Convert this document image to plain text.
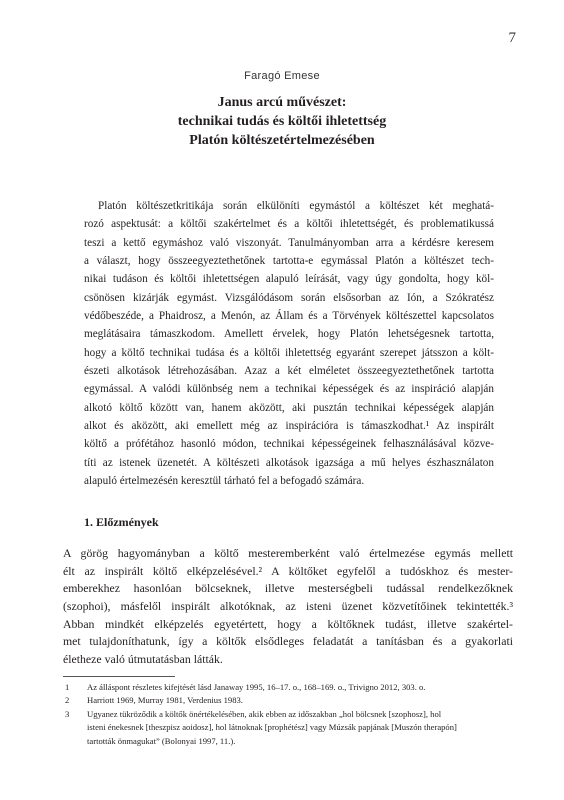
7
Faragó Emese
Janus arcú művészet:
technikai tudás és költői ihletettség
Platón költészetértelmezésében
Platón költészetkritikája során elkülöníti egymástól a költészet két meghatá-
rozó aspektusát: a költői szakértelmet és a költői ihletettségét, és problematikussá
teszi a kettő egymáshoz való viszonyát. Tanulmányomban arra a kérdésre keresem
a választ, hogy összeegyeztethetőnek tartotta-e egymással Platón a költészet tech-
nikai tudáson és költői ihletettségen alapuló leírását, vagy úgy gondolta, hogy köl-
csönösen kizárják egymást. Vizsgálódásom során elsősorban az Ión, a Szókratész
védőbeszéde, a Phaidrosz, a Menón, az Állam és a Törvények költészettel kapcsolatos
meglátásaira támaszkodom. Amellett érvelek, hogy Platón lehetségesnek tartotta,
hogy a költő technikai tudása és a költői ihletettség egyaránt szerepet játsszon a költ-
észeti alkotások létrehozásában. Azaz a két elméletet összeegyeztethetőnek tartotta
egymással. A valódi különbség nem a technikai képességek és az inspiráció alapján
alkotó költő között van, hanem aközött, aki pusztán technikai képességek alapján
alkot és aközött, aki emellett még az inspirációra is támaszkodhat.¹ Az inspirált
költő a prófétához hasonló módon, technikai képességeinek felhasználásával közve-
títi az istenek üzenetét. A költészeti alkotások igazsága a mű helyes észhasználaton
alapuló értelmezésén keresztül tárható fel a befogadó számára.
1. Előzmények
A görög hagyományban a költő mesteremberként való értelmezése egymás mellett
élt az inspirált költő elképzelésével.² A költőket egyfelől a tudóskhoz és mester-
emberekhez hasonlóan bölcseknek, illetve mesterségbeli tudással rendelkezőknek
(szophoi), másfelől inspirált alkotóknak, az isteni üzenet közvetítőinek tekintették.³
Abban mindkét elképzelés egyetértett, hogy a költőknek tudást, illetve szakértel-
met tulajdoníthatunk, így a költők elsődleges feladatát a tanításban és a gyakorlati
életheze való útmutatásban látták.
1	Az álláspont részletes kifejtését lásd Janaway 1995, 16–17. o., 168–169. o., Trivigno 2012, 303. o.
2	Harriott 1969, Murray 1981, Verdenius 1983.
3	Ugyanez tükröződik a költők önértékelésében, akik ebben az időszakban „hol bölcsnek [szophosz], hol
isteni énekesnek [theszpisz aoidosz], hol látnoknak [prophétész] vagy Múzsák papjának [Muszón therapón]
tartották önmagukat” (Bolonyai 1997, 11.).
